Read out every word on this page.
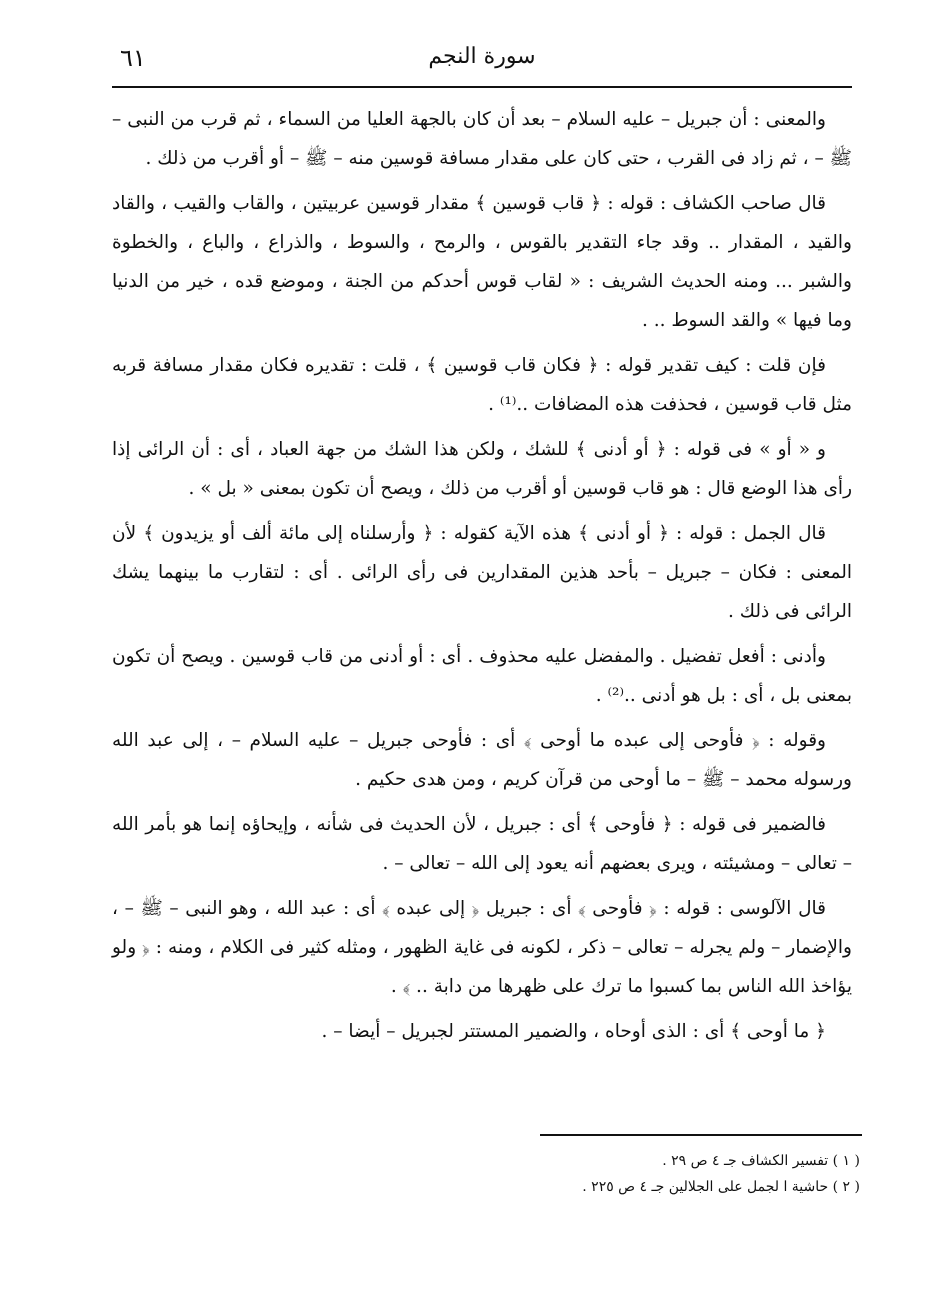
٦١	سورة النجم

والمعنى : أن جبريل – عليه السلام – بعد أن كان بالجهة العليا من السماء ، ثم قرب من النبى – ﷺ – ، ثم زاد فى القرب ، حتى كان على مقدار مسافة قوسين منه – ﷺ – أو أقرب من ذلك .

قال صاحب الكشاف : قوله : ﴿ قاب قوسين ﴾ مقدار قوسين عربيتين ، والقاب والقيب ، والقاد والقيد ، المقدار .. وقد جاء التقدير بالقوس ، والرمح ، والسوط ، والذراع ، والباع ، والخطوة والشبر ... ومنه الحديث الشريف : « لقاب قوس أحدكم من الجنة ، وموضع قده ، خير من الدنيا وما فيها » والقد السوط .. .

فإن قلت : كيف تقدير قوله : ﴿ فكان قاب قوسين ﴾ ، قلت : تقديره فكان مقدار مسافة قربه مثل قاب قوسين ، فحذفت هذه المضافات ..⁽¹⁾ .

و « أو » فى قوله : ﴿ أو أدنى ﴾ للشك ، ولكن هذا الشك من جهة العباد ، أى : أن الرائى إذا رأى هذا الوضع قال : هو قاب قوسين أو أقرب من ذلك ، ويصح أن تكون بمعنى « بل » .

قال الجمل : قوله : ﴿ أو أدنى ﴾ هذه الآية كقوله : ﴿ وأرسلناه إلى مائة ألف أو يزيدون ﴾ لأن المعنى : فكان – جبريل – بأحد هذين المقدارين فى رأى الرائى . أى : لتقارب ما بينهما يشك الرائى فى ذلك .

وأدنى : أفعل تفضيل . والمفضل عليه محذوف . أى : أو أدنى من قاب قوسين . ويصح أن تكون بمعنى بل ، أى : بل هو أدنى ..⁽²⁾ .

وقوله : ﴿ فأوحى إلى عبده ما أوحى ﴾ أى : فأوحى جبريل – عليه السلام – ، إلى عبد الله ورسوله محمد – ﷺ – ما أوحى من قرآن كريم ، ومن هدى حكيم .

فالضمير فى قوله : ﴿ فأوحى ﴾ أى : جبريل ، لأن الحديث فى شأنه ، وإيحاؤه إنما هو بأمر الله – تعالى – ومشيئته ، ويرى بعضهم أنه يعود إلى الله – تعالى – .

قال الآلوسى : قوله : ﴿ فأوحى ﴾ أى : جبريل ﴿ إلى عبده ﴾ أى : عبد الله ، وهو النبى – ﷺ – ، والإضمار – ولم يجرله – تعالى – ذكر ، لكونه فى غاية الظهور ، ومثله كثير فى الكلام ، ومنه : ﴿ ولو يؤاخذ الله الناس بما كسبوا ما ترك على ظهرها من دابة .. ﴾ .

﴿ ما أوحى ﴾ أى : الذى أوحاه ، والضمير المستتر لجبريل – أيضا – .

( ١ ) تفسير الكشاف جـ ٤ ص ٢٩ .

( ٢ ) حاشية ا لجمل على الجلالين جـ ٤ ص ٢٢٥ .
